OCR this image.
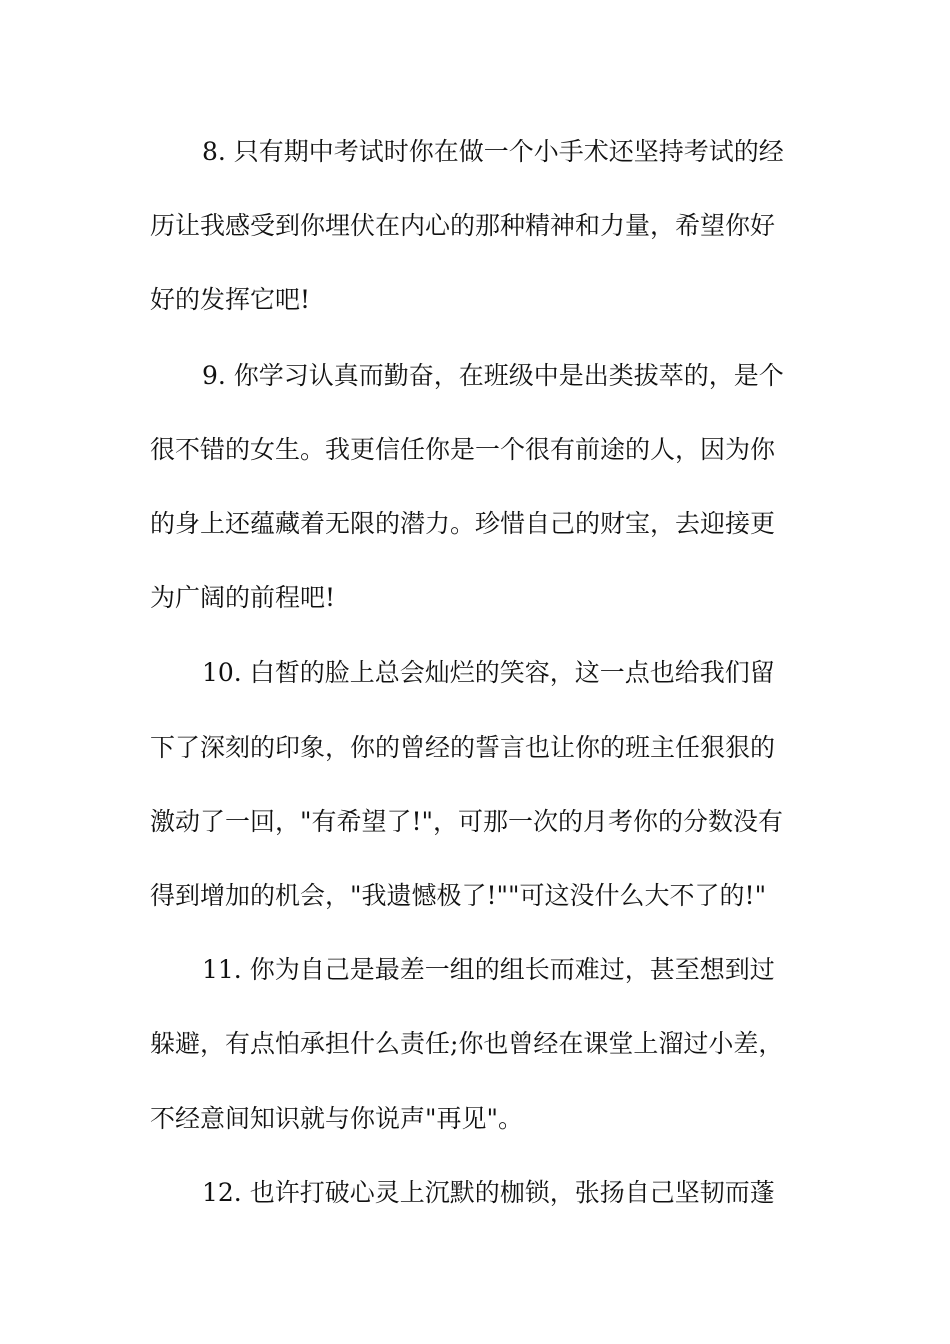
8. 只有期中考试时你在做一个小手术还坚持考试的经
历让我感受到你埋伏在内心的那种精神和力量，希望你好
好的发挥它吧!
9. 你学习认真而勤奋，在班级中是出类拔萃的，是个
很不错的女生。我更信任你是一个很有前途的人，因为你
的身上还蕴藏着无限的潜力。珍惜自己的财宝，去迎接更
为广阔的前程吧!
10. 白皙的脸上总会灿烂的笑容，这一点也给我们留
下了深刻的印象，你的曾经的誓言也让你的班主任狠狠的
激动了一回，"有希望了!"，可那一次的月考你的分数没有
得到增加的机会，"我遗憾极了!""可这没什么大不了的!"
11. 你为自己是最差一组的组长而难过，甚至想到过
躲避，有点怕承担什么责任;你也曾经在课堂上溜过小差，
不经意间知识就与你说声"再见"。
12. 也许打破心灵上沉默的枷锁，张扬自己坚韧而蓬
